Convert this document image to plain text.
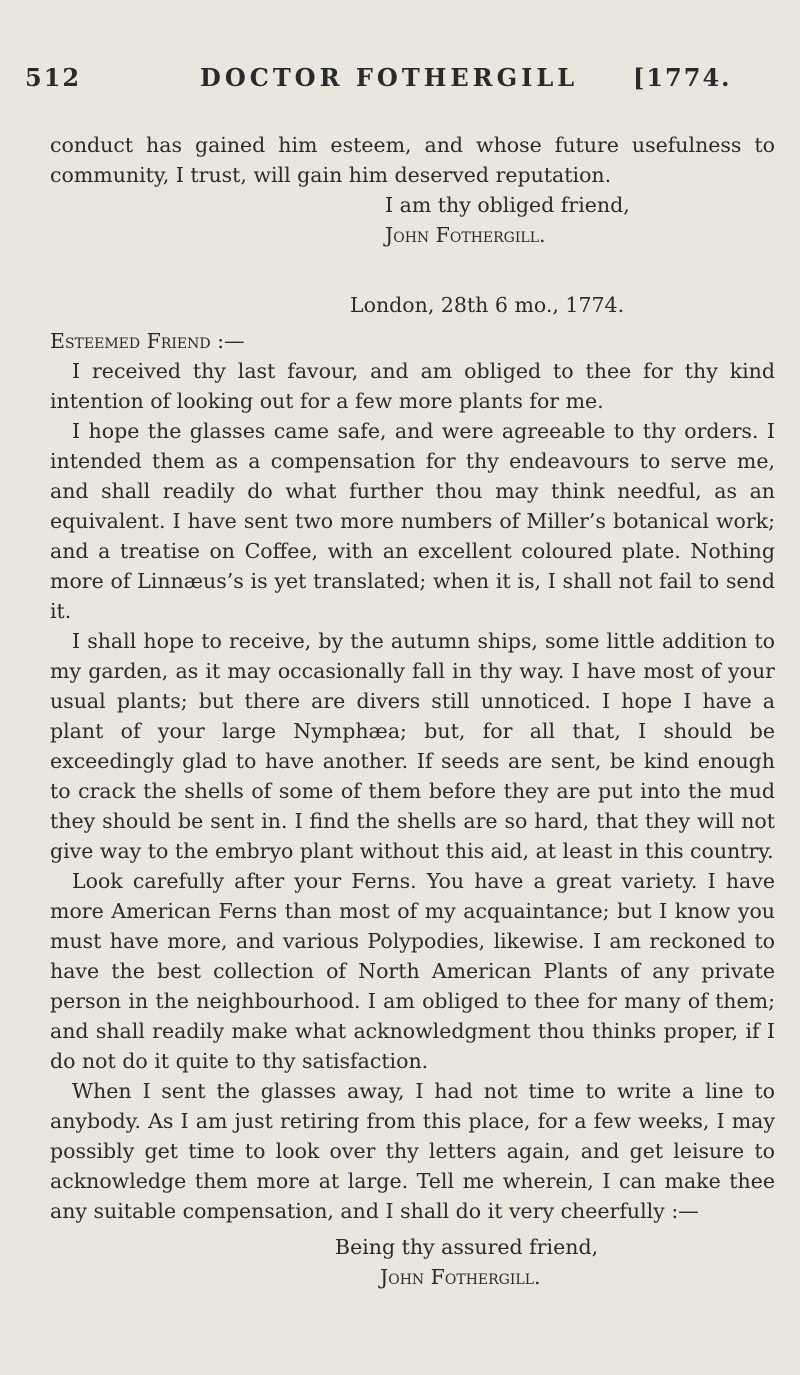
512	DOCTOR FOTHERGILL [1774.

conduct has gained him esteem, and whose future usefulness to community, I trust, will gain him deserved reputation.

I am thy obliged friend,

John Fothergill.

London, 28th 6 mo., 1774.

Esteemed Friend :—

I received thy last favour, and am obliged to thee for thy kind intention of looking out for a few more plants for me.

I hope the glasses came safe, and were agreeable to thy orders. I intended them as a compensation for thy endeavours to serve me, and shall readily do what further thou may think needful, as an equivalent. I have sent two more numbers of Miller’s botanical work; and a treatise on Coffee, with an excellent coloured plate. Nothing more of Linnæus’s is yet translated; when it is, I shall not fail to send it.

I shall hope to receive, by the autumn ships, some little addition to my garden, as it may occasionally fall in thy way. I have most of your usual plants; but there are divers still unnoticed. I hope I have a plant of your large Nymphæa; but, for all that, I should be exceedingly glad to have another. If seeds are sent, be kind enough to crack the shells of some of them before they are put into the mud they should be sent in. I find the shells are so hard, that they will not give way to the embryo plant without this aid, at least in this country.

Look carefully after your Ferns. You have a great variety. I have more American Ferns than most of my acquaintance; but I know you must have more, and various Polypodies, likewise. I am reckoned to have the best collection of North American Plants of any private person in the neighbourhood. I am obliged to thee for many of them; and shall readily make what acknowledgment thou thinks proper, if I do not do it quite to thy satisfaction.

When I sent the glasses away, I had not time to write a line to anybody. As I am just retiring from this place, for a few weeks, I may possibly get time to look over thy letters again, and get leisure to acknowledge them more at large. Tell me wherein, I can make thee any suitable compensation, and I shall do it very cheerfully :—

Being thy assured friend,

John Fothergill.
